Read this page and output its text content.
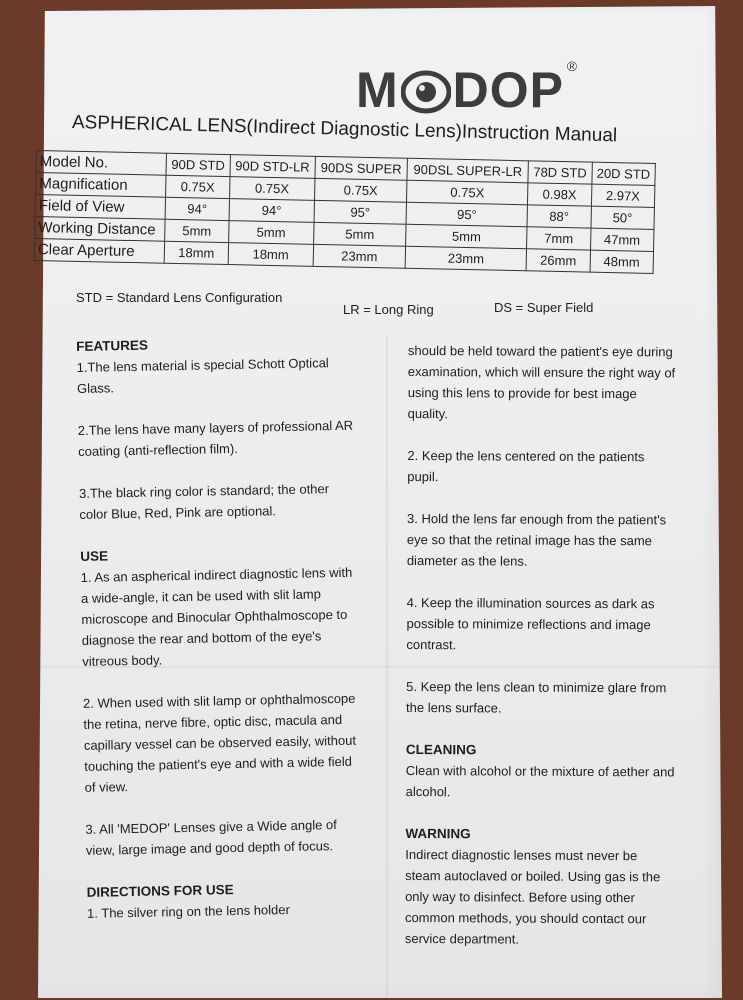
M DOP ®
ASPHERICAL LENS(Indirect Diagnostic Lens)Instruction Manual
Model No.	90D STD	90D STD-LR	90DS SUPER	90DSL SUPER-LR	78D STD	20D STD
Magnification	0.75X	0.75X	0.75X	0.75X	0.98X	2.97X
Field of View	94°	94°	95°	95°	88°	50°
Working Distance	5mm	5mm	5mm	5mm	7mm	47mm
Clear Aperture	18mm	18mm	23mm	23mm	26mm	48mm
STD = Standard Lens Configuration
LR = Long Ring	DS = Super Field
FEATURES

1.The lens material is special Schott Optical Glass.

2.The lens have many layers of professional AR coating (anti-reflection film).

3.The black ring color is standard; the other color Blue, Red, Pink are optional.

USE

1. As an aspherical indirect diagnostic lens with a wide-angle, it can be used with slit lamp microscope and Binocular Ophthalmoscope to diagnose the rear and bottom of the eye's vitreous body.

2. When used with slit lamp or ophthalmoscope the retina, nerve fibre, optic disc, macula and capillary vessel can be observed easily, without touching the patient's eye and with a wide field of view.

3. All 'MEDOP' Lenses give a Wide angle of view, large image and good depth of focus.

DIRECTIONS FOR USE
1. The silver ring on the lens holder

should be held toward the patient's eye during examination, which will ensure the right way of using this lens to provide for best image quality.

2. Keep the lens centered on the patients pupil.

3. Hold the lens far enough from the patient's eye so that the retinal image has the same diameter as the lens.

4. Keep the illumination sources as dark as possible to minimize reflections and image contrast.

5. Keep the lens clean to minimize glare from the lens surface.

CLEANING

Clean with alcohol or the mixture of aether and alcohol.

WARNING
Indirect diagnostic lenses must never be steam autoclaved or boiled. Using gas is the only way to disinfect. Before using other common methods, you should contact our service department.
